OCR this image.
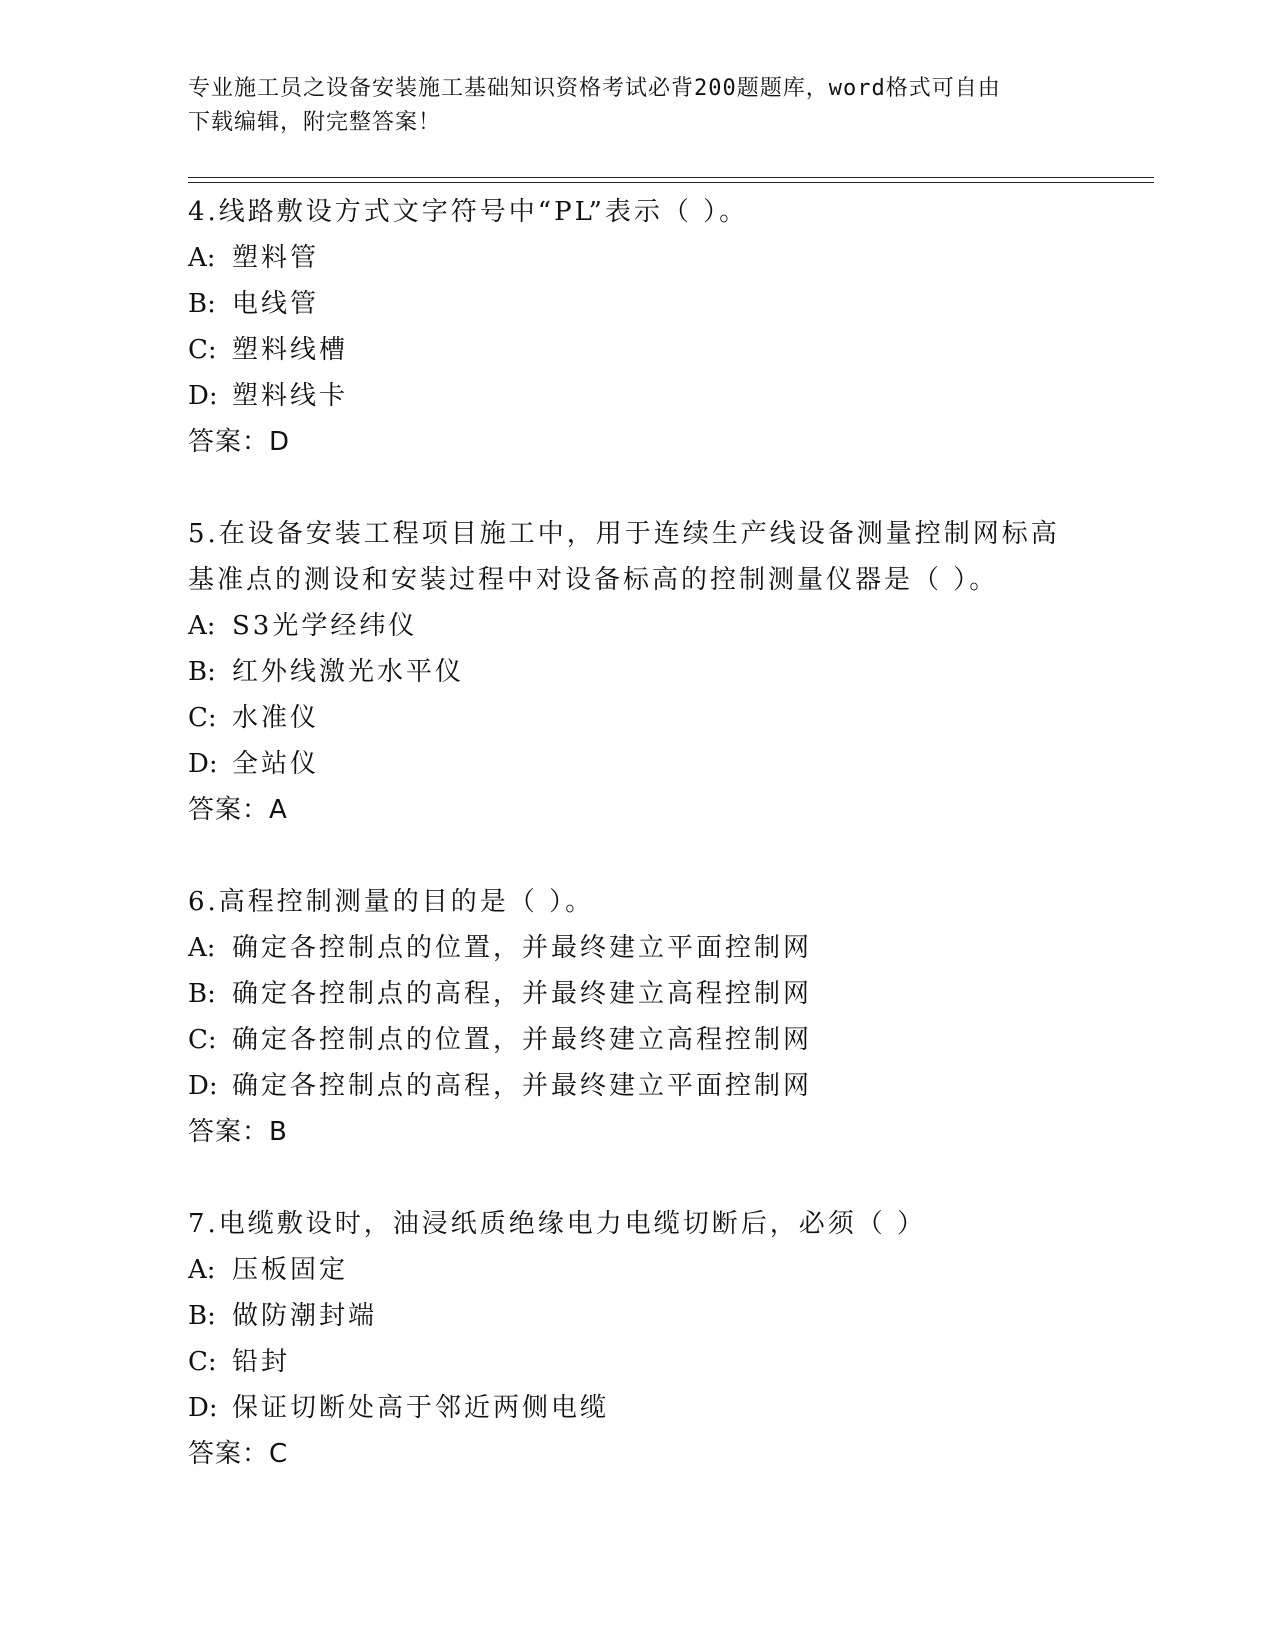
专业施工员之设备安装施工基础知识资格考试必背200题题库，word格式可自由
下载编辑，附完整答案！
4.线路敷设方式文字符号中“PL”表示（ ）。
A: 塑料管
B: 电线管
C: 塑料线槽
D: 塑料线卡
答案：D
5.在设备安装工程项目施工中，用于连续生产线设备测量控制网标高
基准点的测设和安装过程中对设备标高的控制测量仪器是（ ）。
A: S3光学经纬仪
B: 红外线激光水平仪
C: 水准仪
D: 全站仪
答案：A
6.高程控制测量的目的是（ ）。
A: 确定各控制点的位置，并最终建立平面控制网
B: 确定各控制点的高程，并最终建立高程控制网
C: 确定各控制点的位置，并最终建立高程控制网
D: 确定各控制点的高程，并最终建立平面控制网
答案：B
7.电缆敷设时，油浸纸质绝缘电力电缆切断后，必须（ ）
A: 压板固定
B: 做防潮封端
C: 铅封
D: 保证切断处高于邻近两侧电缆
答案：C
